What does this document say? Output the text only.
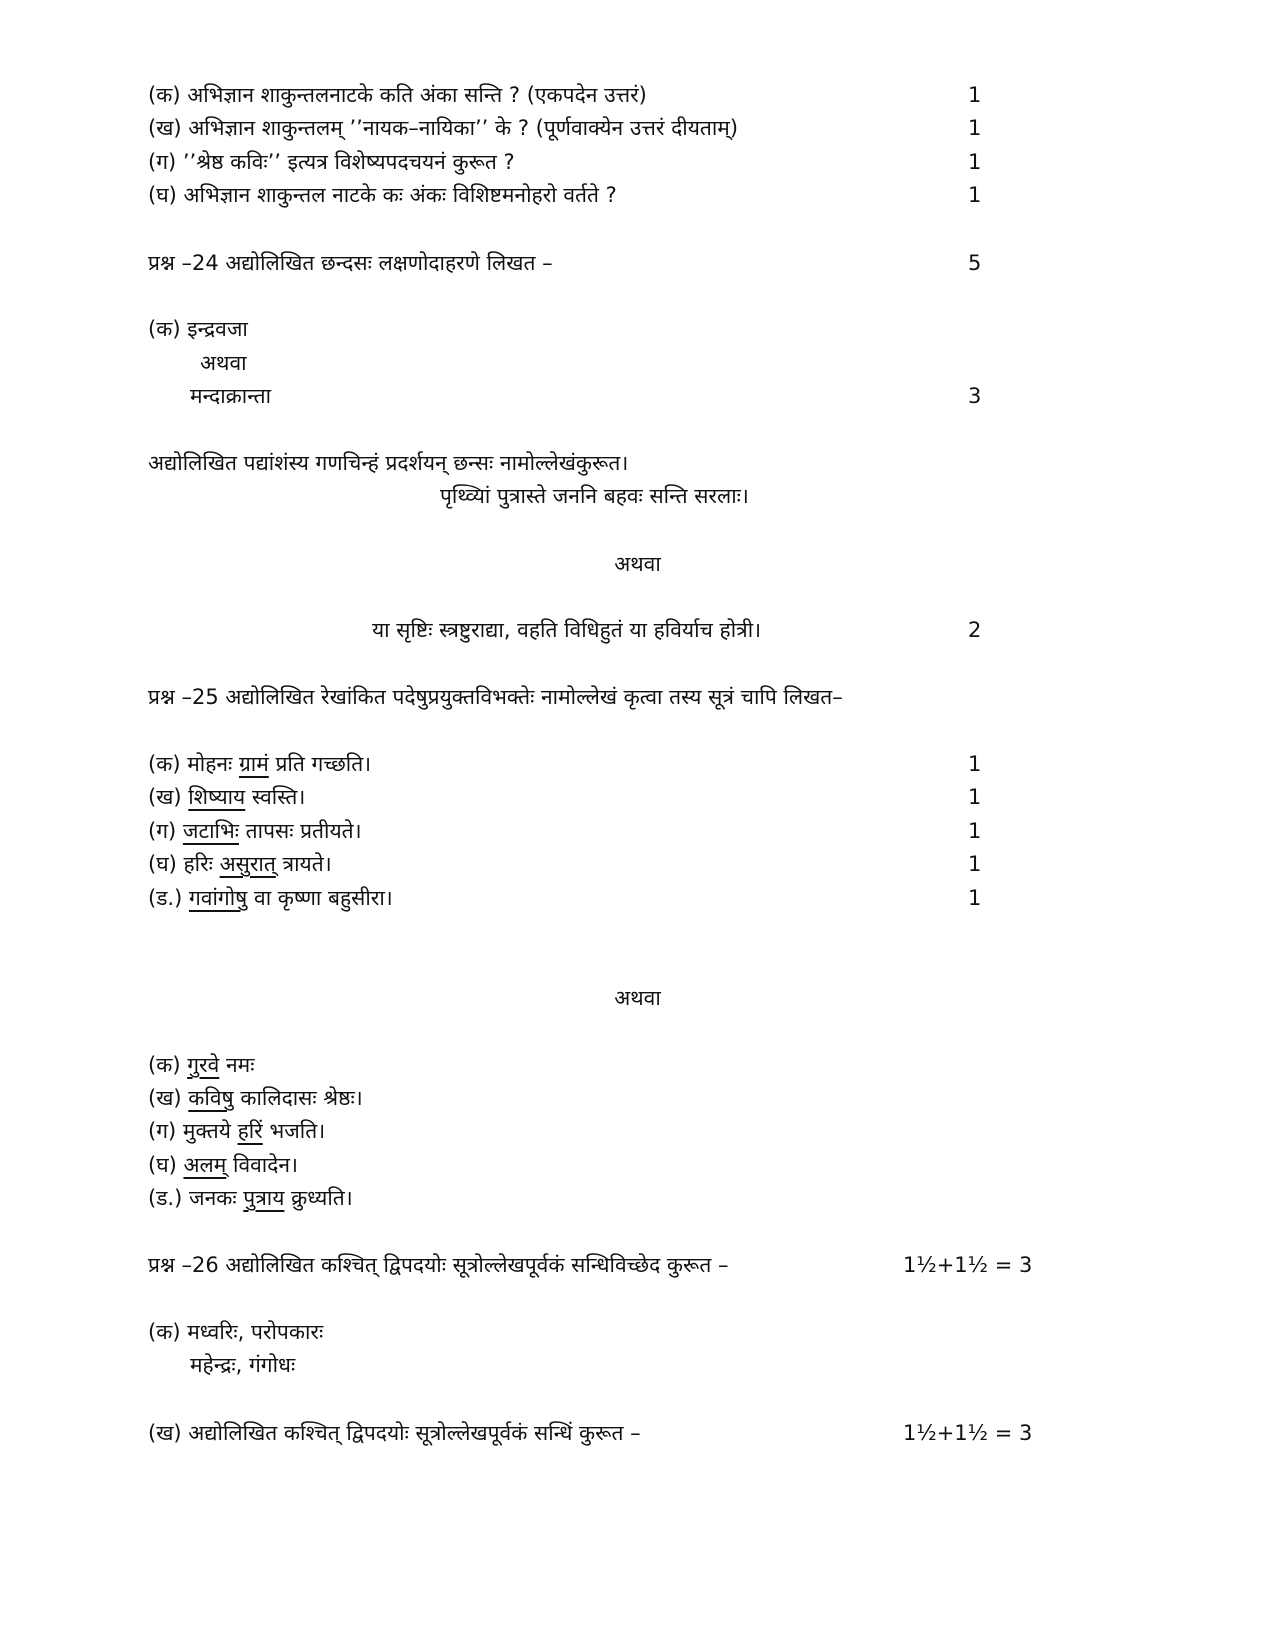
(क) अभिज्ञान शाकुन्तलनाटके कति अंका सन्ति ? (एकपदेन उत्तरं)	1
(ख) अभिज्ञान शाकुन्तलम् ’’नायक–नायिका’’ के ? (पूर्णवाक्येन उत्तरं दीयताम्)	1
(ग) ’’श्रेष्ठ कविः’’ इत्यत्र विशेष्यपदचयनं कुरूत ?	1
(घ) अभिज्ञान शाकुन्तल नाटके कः अंकः विशिष्टमनोहरो वर्तते ?	1
प्रश्न –24 अद्योलिखित छन्दसः लक्षणोदाहरणे लिखत –	5
(क) इन्द्रवजा
अथवा
मन्दाक्रान्ता	3
अद्योलिखित पद्यांशंस्य गणचिन्हं प्रदर्शयन् छन्सः नामोल्लेखंकुरूत।
पृथ्व्यिां पुत्रास्ते जननि बहवः सन्ति सरलाः।
अथवा
या सृष्टिः स्त्रष्टुराद्या, वहति विधिहुतं या हविर्याच होत्री।	2
प्रश्न –25 अद्योलिखित रेखांकित पदेषुप्रयुक्तविभक्तेः नामोल्लेखं कृत्वा तस्य सूत्रं चापि लिखत–
(क) मोहनः ग्रामं प्रति गच्छति।	1
(ख) शिष्याय स्वस्ति।	1
(ग) जटाभिः तापसः प्रतीयते।	1
(घ) हरिः असुरात् त्रायते।	1
(ड.) गवांगोषु वा कृष्णा बहुसीरा।	1
अथवा
(क) गुरवे नमः
(ख) कविषु कालिदासः श्रेष्ठः।
(ग) मुक्तये हरिं भजति।
(घ) अलम् विवादेन।
(ड.) जनकः पुत्राय क्रुध्यति।
प्रश्न –26 अद्योलिखित कश्चित् द्विपदयोः सूत्रोल्लेखपूर्वकं सन्धिविच्छेद कुरूत –	1½+1½ = 3
(क) मध्वरिः, परोपकारः
महेन्द्रः, गंगोधः
(ख) अद्योलिखित कश्चित् द्विपदयोः सूत्रोल्लेखपूर्वकं सन्धिं कुरूत –	1½+1½ = 3
